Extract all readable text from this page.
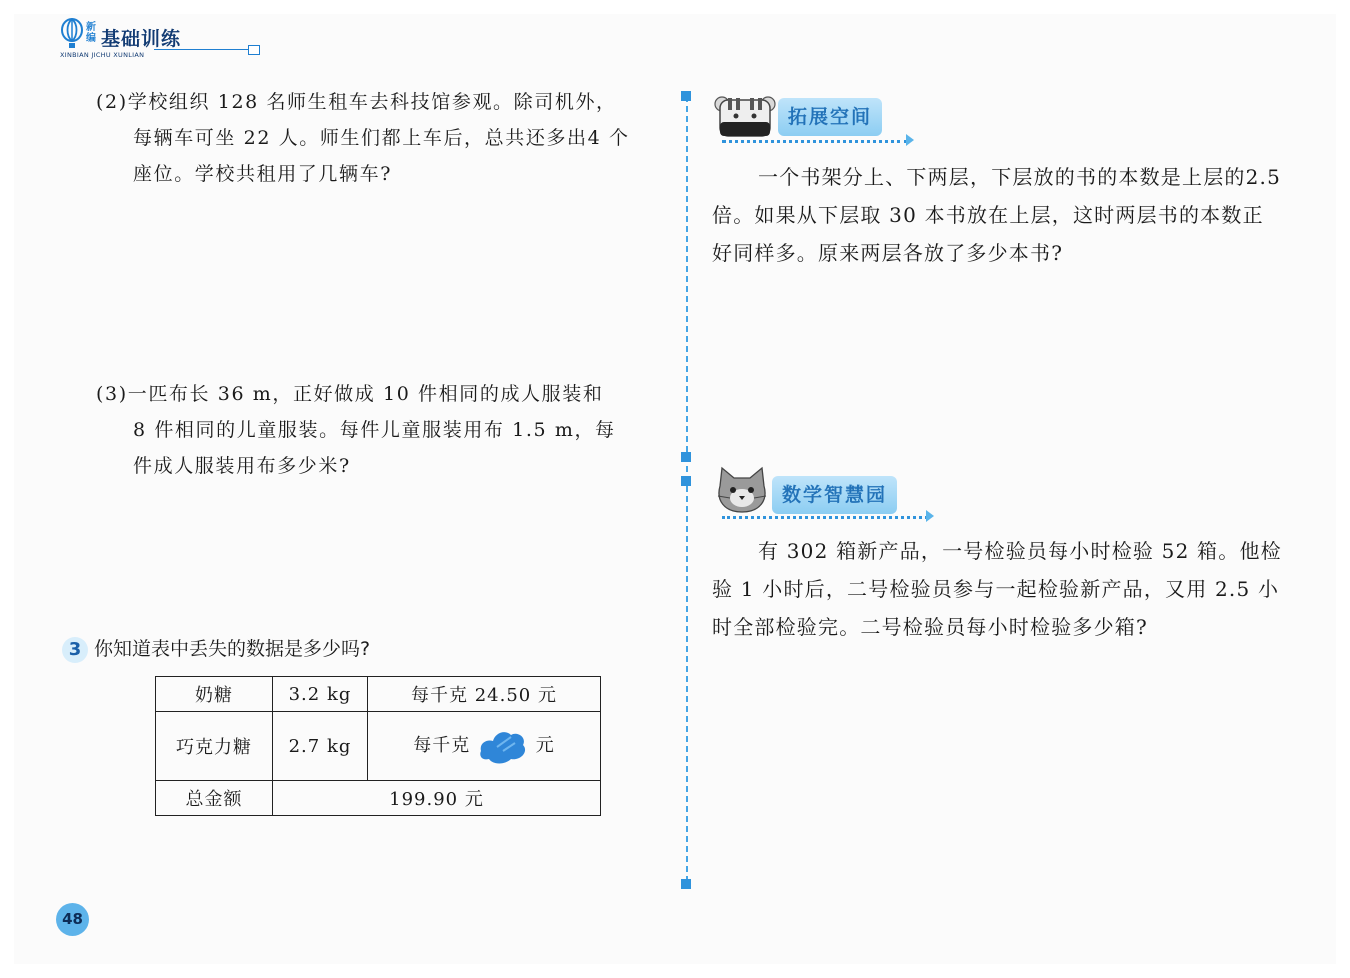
新编 基础训练
XINBIAN JICHU XUNLIAN
(2)学校组织 128 名师生租车去科技馆参观。除司机外，
每辆车可坐 22 人。师生们都上车后，总共还多出4 个
座位。学校共租用了几辆车?
(3)一匹布长 36 m，正好做成 10 件相同的成人服装和
8 件相同的儿童服装。每件儿童服装用布 1.5 m，每
件成人服装用布多少米?
3 你知道表中丢失的数据是多少吗?
奶糖	3.2 kg	每千克 24.50 元
巧克力糖	2.7 kg	每千克 元
总金额	199.90 元	
拓展空间
一个书架分上、下两层，下层放的书的本数是上层的2.5
倍。如果从下层取 30 本书放在上层，这时两层书的本数正
好同样多。原来两层各放了多少本书?
数学智慧园
有 302 箱新产品，一号检验员每小时检验 52 箱。他检
验 1 小时后，二号检验员参与一起检验新产品，又用 2.5 小
时全部检验完。二号检验员每小时检验多少箱?
48
